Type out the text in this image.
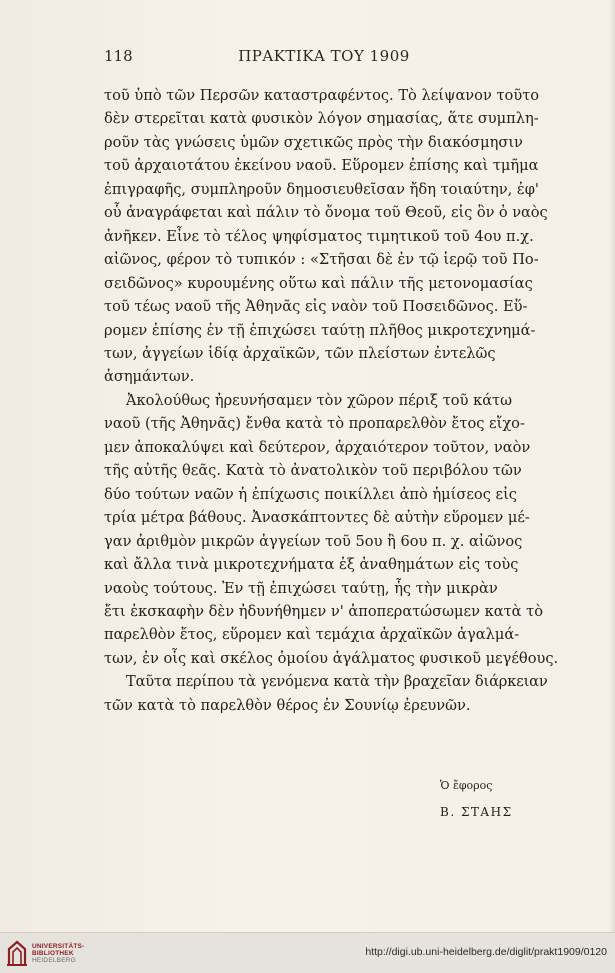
118	ΠΡΑΚΤΙΚΑ ΤΟΥ 1909

τοῦ ὑπὸ τῶν Περσῶν καταστραφέντος. Τὸ λείψανον τοῦτο
δὲν στερεῖται κατὰ φυσικὸν λόγον σημασίας, ἅτε συμπλη-
ροῦν τὰς γνώσεις ὑμῶν σχετικῶς πρὸς τὴν διακόσμησιν
τοῦ ἀρχαιοτάτου ἐκείνου ναοῦ. Εὕρομεν ἐπίσης καὶ τμῆμα
ἐπιγραφῆς, συμπληροῦν δημοσιευθεῖσαν ἤδη τοιαύτην, ἐφ'
οὗ ἀναγράφεται καὶ πάλιν τὸ ὄνομα τοῦ Θεοῦ, εἰς ὃν ὁ ναὸς
ἀνῆκεν. Εἶνε τὸ τέλος ψηφίσματος τιμητικοῦ τοῦ 4ου π.χ.
αἰῶνος, φέρον τὸ τυπικόν : «Στῆσαι δὲ ἐν τῷ ἱερῷ τοῦ Πο-
σειδῶνος» κυρουμένης οὕτω καὶ πάλιν τῆς μετονομασίας
τοῦ τέως ναοῦ τῆς Ἀθηνᾶς εἰς ναὸν τοῦ Ποσειδῶνος. Εὕ-
ρομεν ἐπίσης ἐν τῇ ἐπιχώσει ταύτῃ πλῆθος μικροτεχνημά-
των, ἀγγείων ἰδίᾳ ἀρχαϊκῶν, τῶν πλείστων ἐντελῶς
ἀσημάντων.

Ἀκολούθως ἠρευνήσαμεν τὸν χῶρον πέριξ τοῦ κάτω
ναοῦ (τῆς Ἀθηνᾶς) ἔνθα κατὰ τὸ προπαρελθὸν ἔτος εἴχο-
μεν ἀποκαλύψει καὶ δεύτερον, ἀρχαιότερον τοῦτον, ναὸν
τῆς αὐτῆς θεᾶς. Κατὰ τὸ ἀνατολικὸν τοῦ περιβόλου τῶν
δύο τούτων ναῶν ἡ ἐπίχωσις ποικίλλει ἀπὸ ἡμίσεος εἰς
τρία μέτρα βάθους. Ἀνασκάπτοντες δὲ αὐτὴν εὕρομεν μέ-
γαν ἀριθμὸν μικρῶν ἀγγείων τοῦ 5ου ἢ 6ου π. χ. αἰῶνος
καὶ ἄλλα τινὰ μικροτεχνήματα ἐξ ἀναθημάτων εἰς τοὺς
ναοὺς τούτους. Ἐν τῇ ἐπιχώσει ταύτῃ, ἧς τὴν μικρὰν
ἔτι ἐκσκαφὴν δὲν ἠδυνήθημεν ν' ἀποπερατώσωμεν κατὰ τὸ
παρελθὸν ἔτος, εὕρομεν καὶ τεμάχια ἀρχαϊκῶν ἀγαλμά-
των, ἐν οἷς καὶ σκέλος ὁμοίου ἀγάλματος φυσικοῦ μεγέθους.

Ταῦτα περίπου τὰ γενόμενα κατὰ τὴν βραχεῖαν διάρκειαν
τῶν κατὰ τὸ παρελθὸν θέρος ἐν Σουνίῳ ἐρευνῶν.

Ὁ ἔφορος
Β. ΣΤΑΗΣ
UNIVERSITÄTS-
BIBLIOTHEK
HEIDELBERG
http://digi.ub.uni-heidelberg.de/diglit/prakt1909/0120
